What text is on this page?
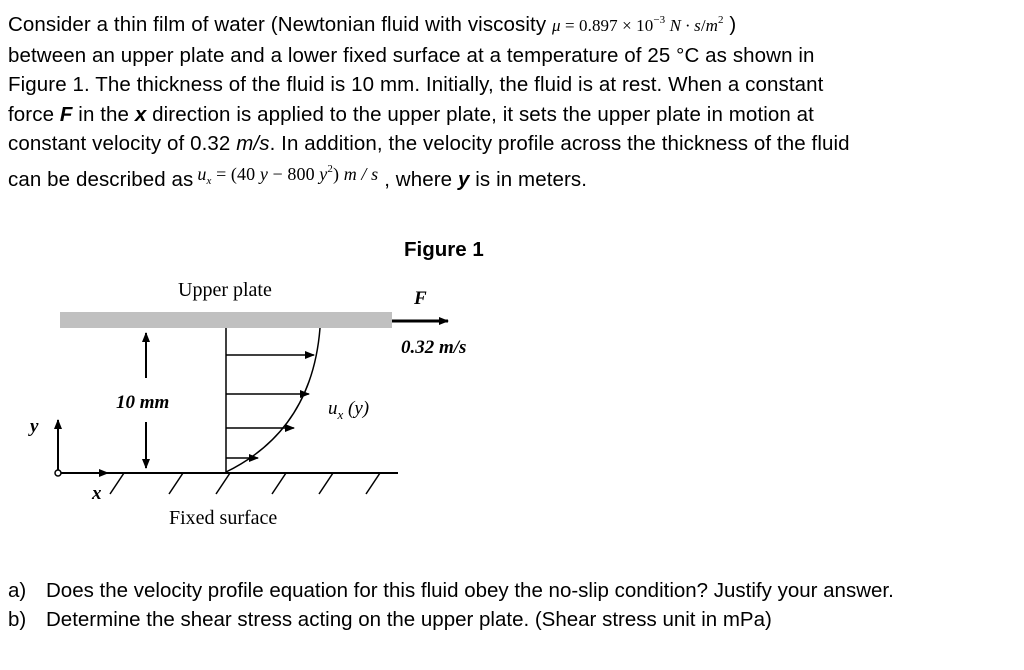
Consider a thin film of water (Newtonian fluid with viscosity $\mu = 0.897 \times 10^{-3}$ $N \cdot s/m^2$ )
between an upper plate and a lower fixed surface at a temperature of 25 °C as shown in
Figure 1. The thickness of the fluid is 10 mm. Initially, the fluid is at rest. When a constant
force F in the x direction is applied to the upper plate, it sets the upper plate in motion at
constant velocity of 0.32 m/s. In addition, the velocity profile across the thickness of the fluid
can be described as $u_x = (40$ y − 800 $y^2$) m / s , where y is in meters.
Figure 1
Upper plate	F
0.32 m/s
10 mm	$u_x$ (y)
Fixed surface
y
x
a) Does the velocity profile equation for this fluid obey the no-slip condition? Justify your answer.
b) Determine the shear stress acting on the upper plate. (Shear stress unit in mPa)
